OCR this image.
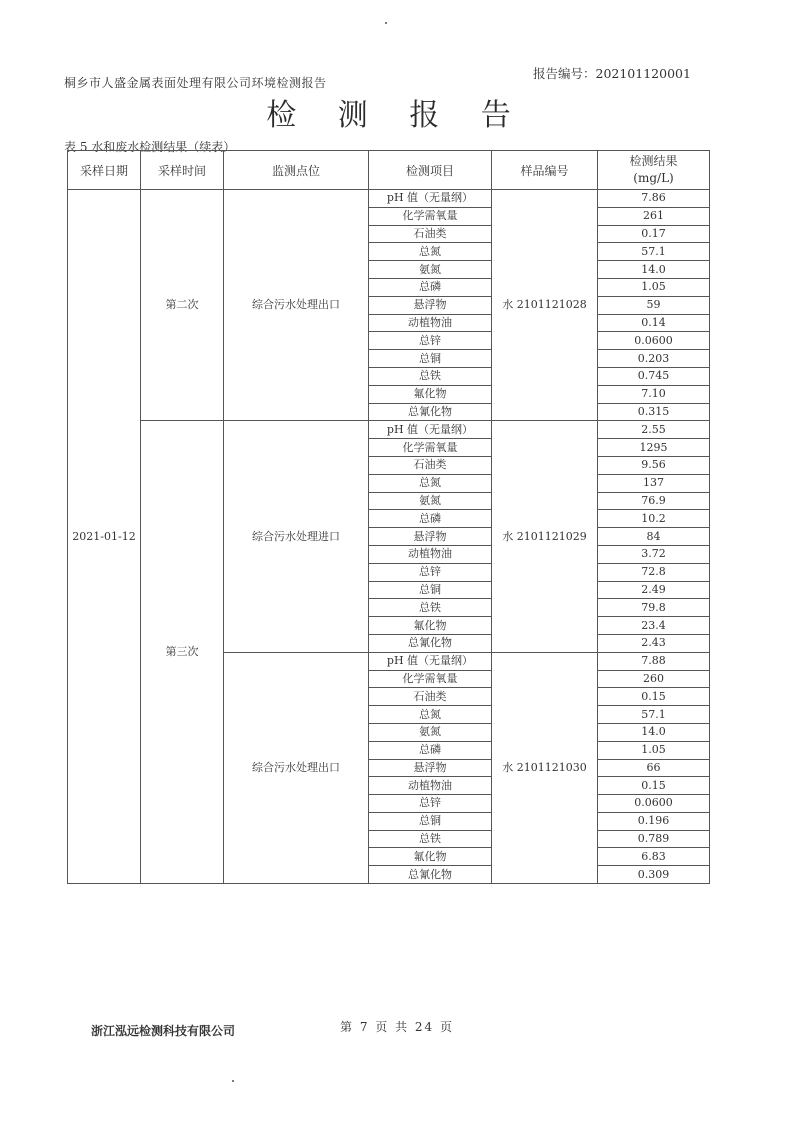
桐乡市人盛金属表面处理有限公司环境检测报告
报告编号：202101120001
检 测 报 告
表 5 水和废水检测结果（续表）
采样日期	采样时间	监测点位	检测项目	样品编号	检测结果
(mg/L)

2021-01-12	第二次	综合污水处理出口	pH 值（无量纲）	水 2101121028	7.86
			化学需氧量		261
			石油类		0.17
			总氮		57.1
			氨氮		14.0
			总磷		1.05
			悬浮物		59
			动植物油		0.14
			总锌		0.0600
			总铜		0.203
			总铁		0.745
			氟化物		7.10
			总氰化物		0.315
	第三次	综合污水处理进口	pH 值（无量纲）	水 2101121029	2.55
			化学需氧量		1295
			石油类		9.56
			总氮		137
			氨氮		76.9
			总磷		10.2
			悬浮物		84
			动植物油		3.72
			总锌		72.8
			总铜		2.49
			总铁		79.8
			氟化物		23.4
			总氰化物		2.43
		综合污水处理出口	pH 值（无量纲）	水 2101121030	7.88
			化学需氧量		260
			石油类		0.15
			总氮		57.1
			氨氮		14.0
			总磷		1.05
			悬浮物		66
			动植物油		0.15
			总锌		0.0600
			总铜		0.196
			总铁		0.789
			氟化物		6.83
			总氰化物		0.309
浙江泓远检测科技有限公司	第 7 页 共 24 页
